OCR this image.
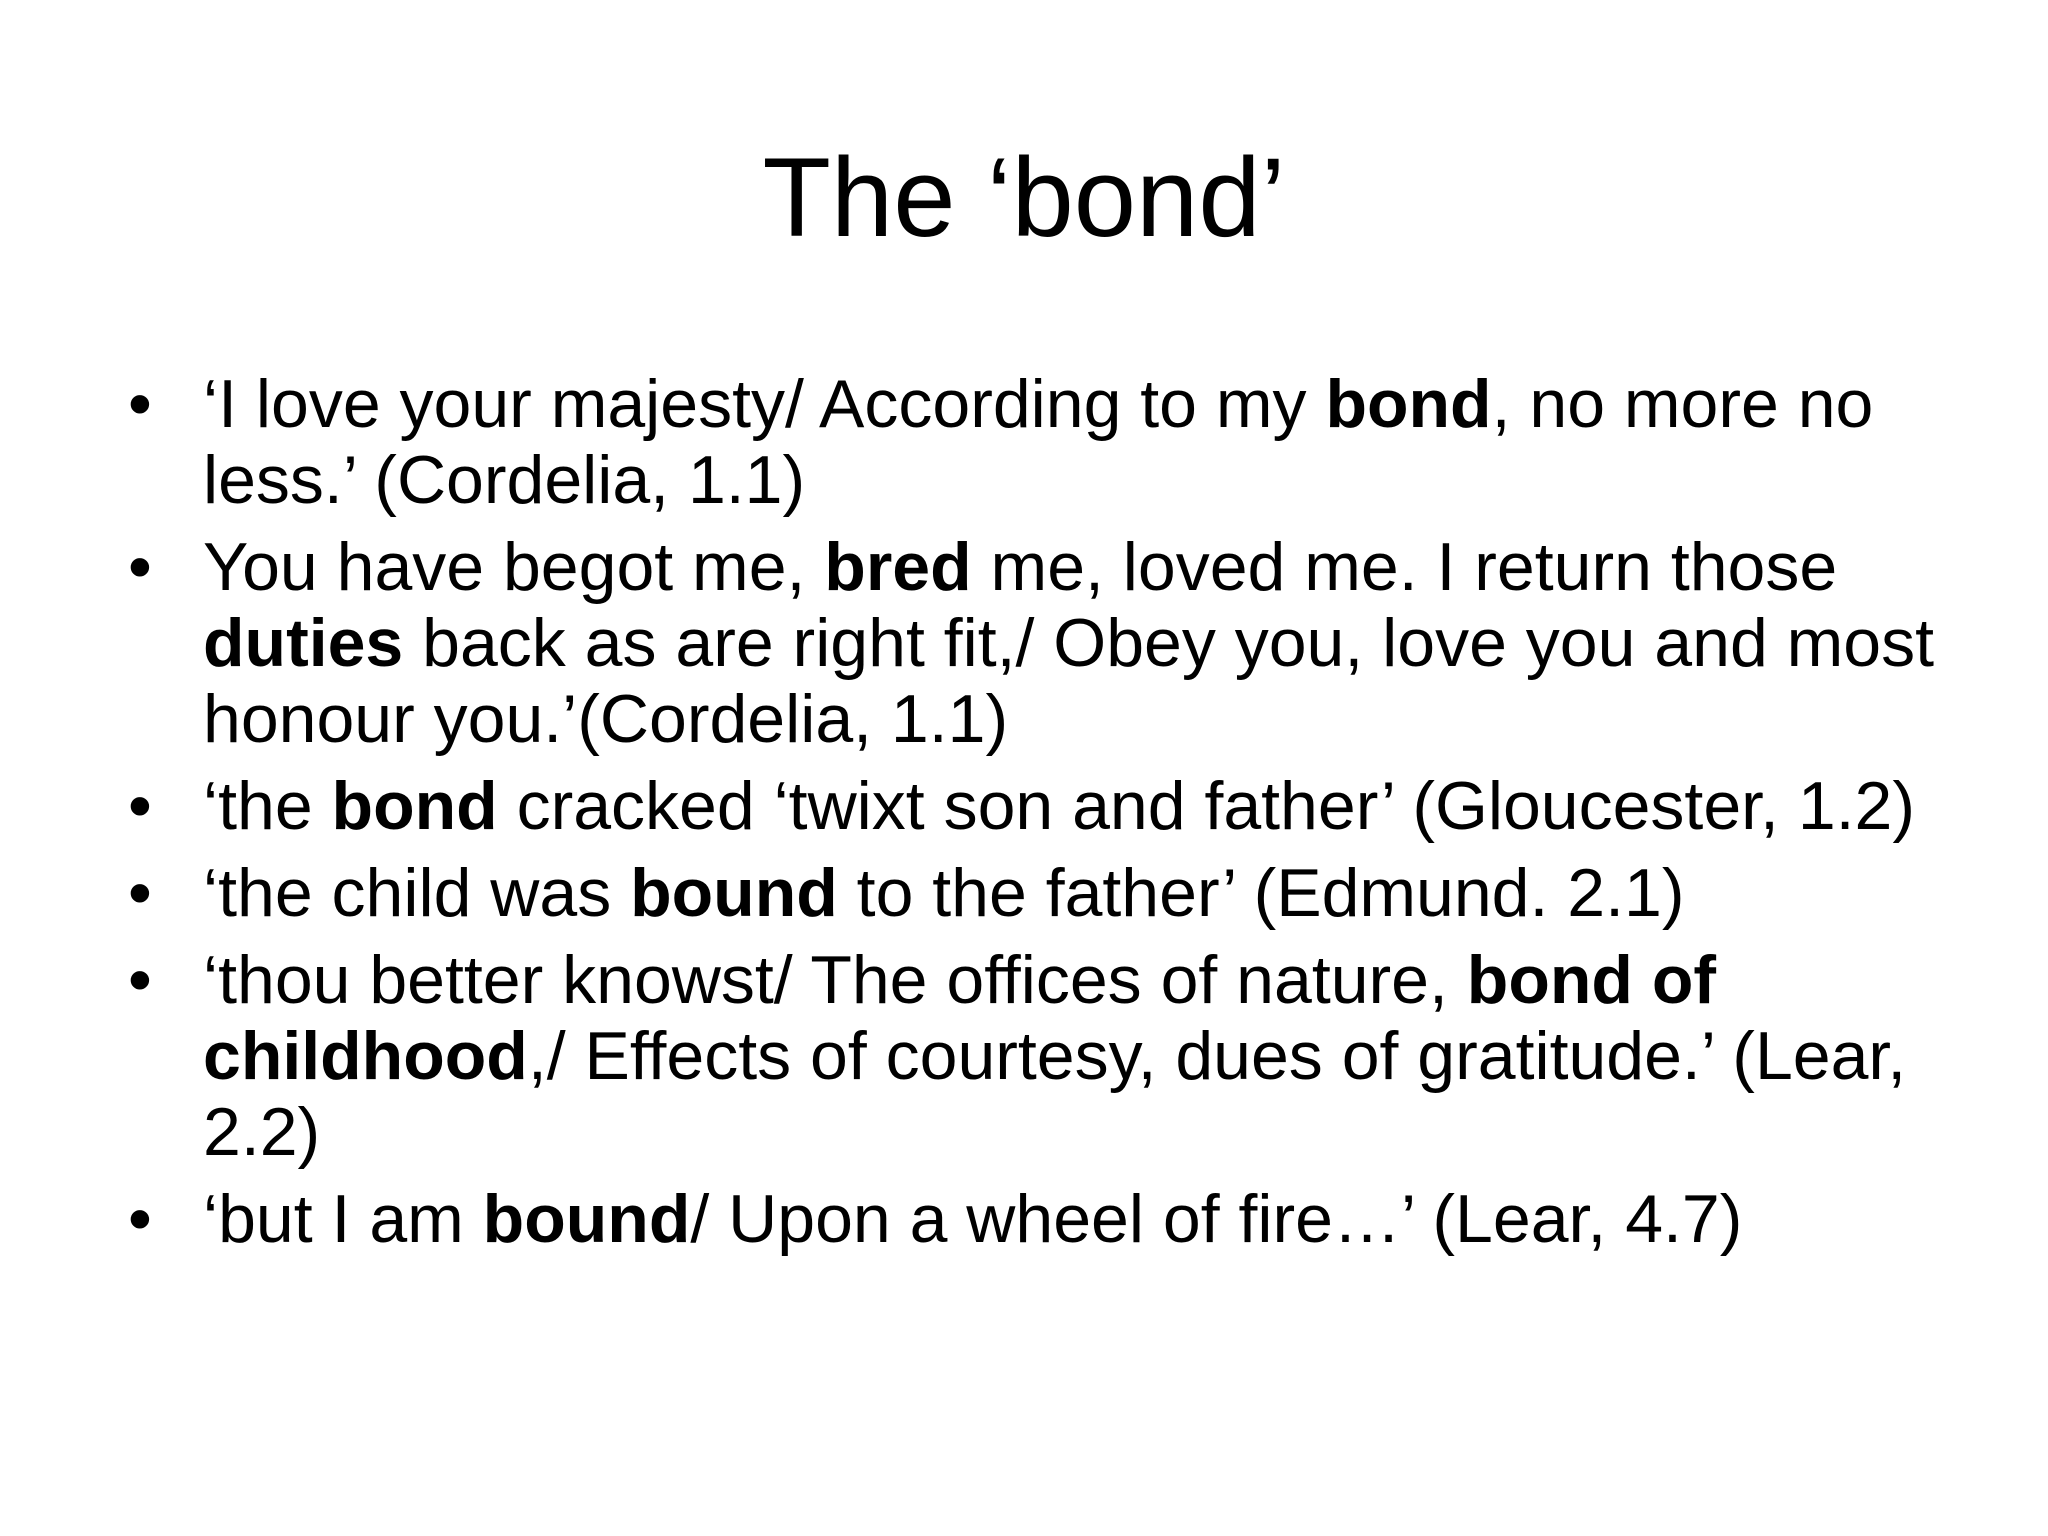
The ‘bond’
• ‘I love your majesty/ According to my bond, no more no less.’ (Cordelia, 1.1)
• You have begot me, bred me, loved me. I return those duties back as are right fit,/ Obey you, love you and most honour you.’(Cordelia, 1.1)
• ‘the bond cracked ‘twixt son and father’ (Gloucester, 1.2)
• ‘the child was bound to the father’ (Edmund. 2.1)
• ‘thou better knowst/ The offices of nature, bond of childhood,/ Effects of courtesy, dues of gratitude.’ (Lear, 2.2)
• ‘but I am bound/ Upon a wheel of fire…’ (Lear, 4.7)
